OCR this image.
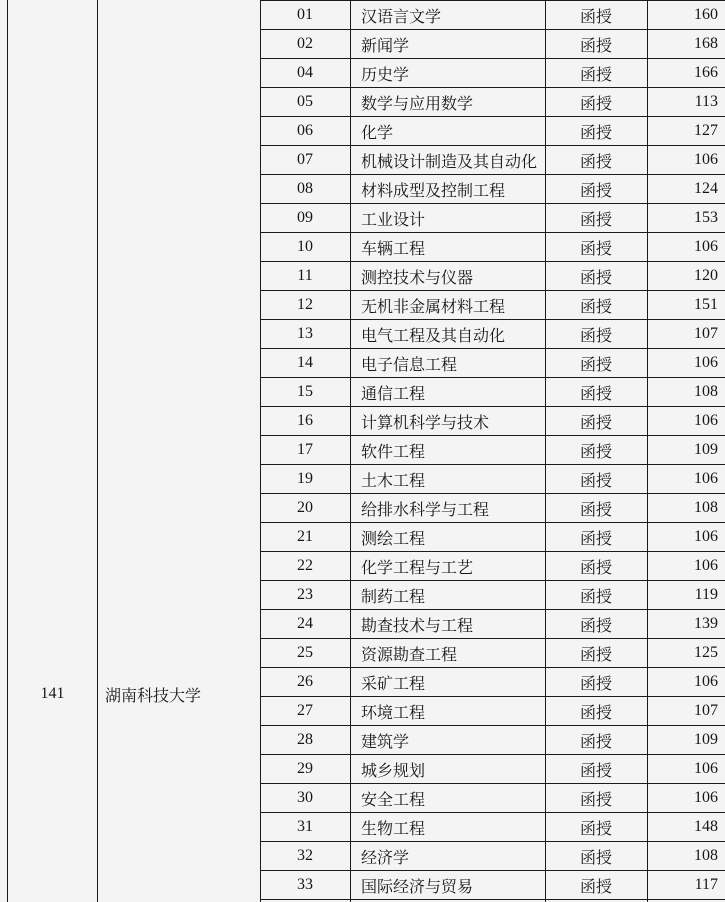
141	湖南科技大学
01	汉语言文学	函授	160
02	新闻学	函授	168
04	历史学	函授	166
05	数学与应用数学	函授	113
06	化学	函授	127
07	机械设计制造及其自动化	函授	106
08	材料成型及控制工程	函授	124
09	工业设计	函授	153
10	车辆工程	函授	106
11	测控技术与仪器	函授	120
12	无机非金属材料工程	函授	151
13	电气工程及其自动化	函授	107
14	电子信息工程	函授	106
15	通信工程	函授	108
16	计算机科学与技术	函授	106
17	软件工程	函授	109
19	土木工程	函授	106
20	给排水科学与工程	函授	108
21	测绘工程	函授	106
22	化学工程与工艺	函授	106
23	制药工程	函授	119
24	勘查技术与工程	函授	139
25	资源勘查工程	函授	125
26	采矿工程	函授	106
27	环境工程	函授	107
28	建筑学	函授	109
29	城乡规划	函授	106
30	安全工程	函授	106
31	生物工程	函授	148
32	经济学	函授	108
33	国际经济与贸易	函授	117
